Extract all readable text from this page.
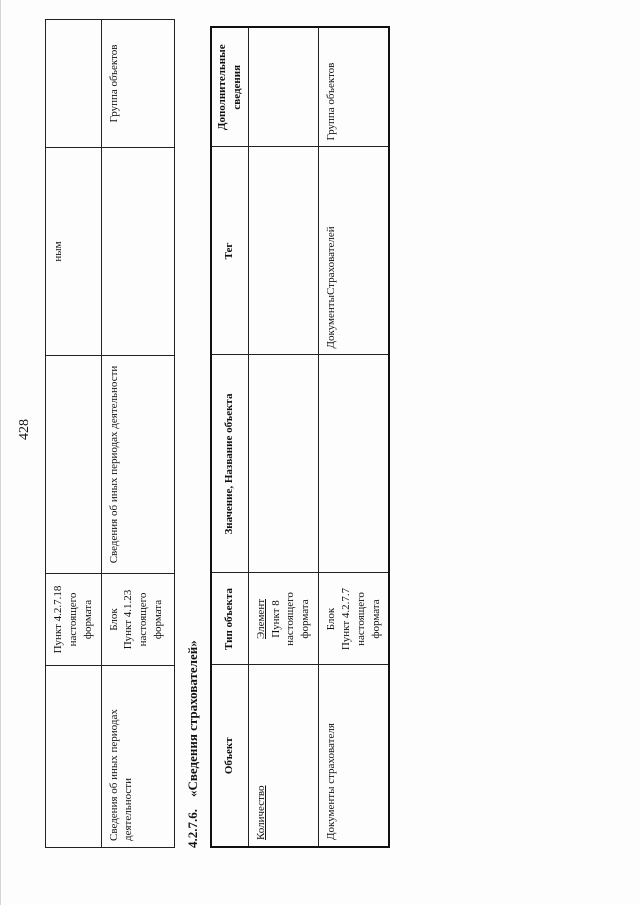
428
	Пункт 4.2.7.18 настоящего формата		ным	
Сведения об иных периодах деятельности	Блок Пункт 4.1.23 настоящего формата	Сведения об иных периодах деятельности		Группа объектов
4.2.7.6.«Сведения страхователей» Объект	Тип объекта	Значение, Название объекта	Тег	Дополнительные сведения
Количество	Элемент Пункт 8 настоящего формата			
Документы страхователя	Блок Пункт 4.2.7.7 настоящего формата		ДокументыСтрахователей	Группа объектов
